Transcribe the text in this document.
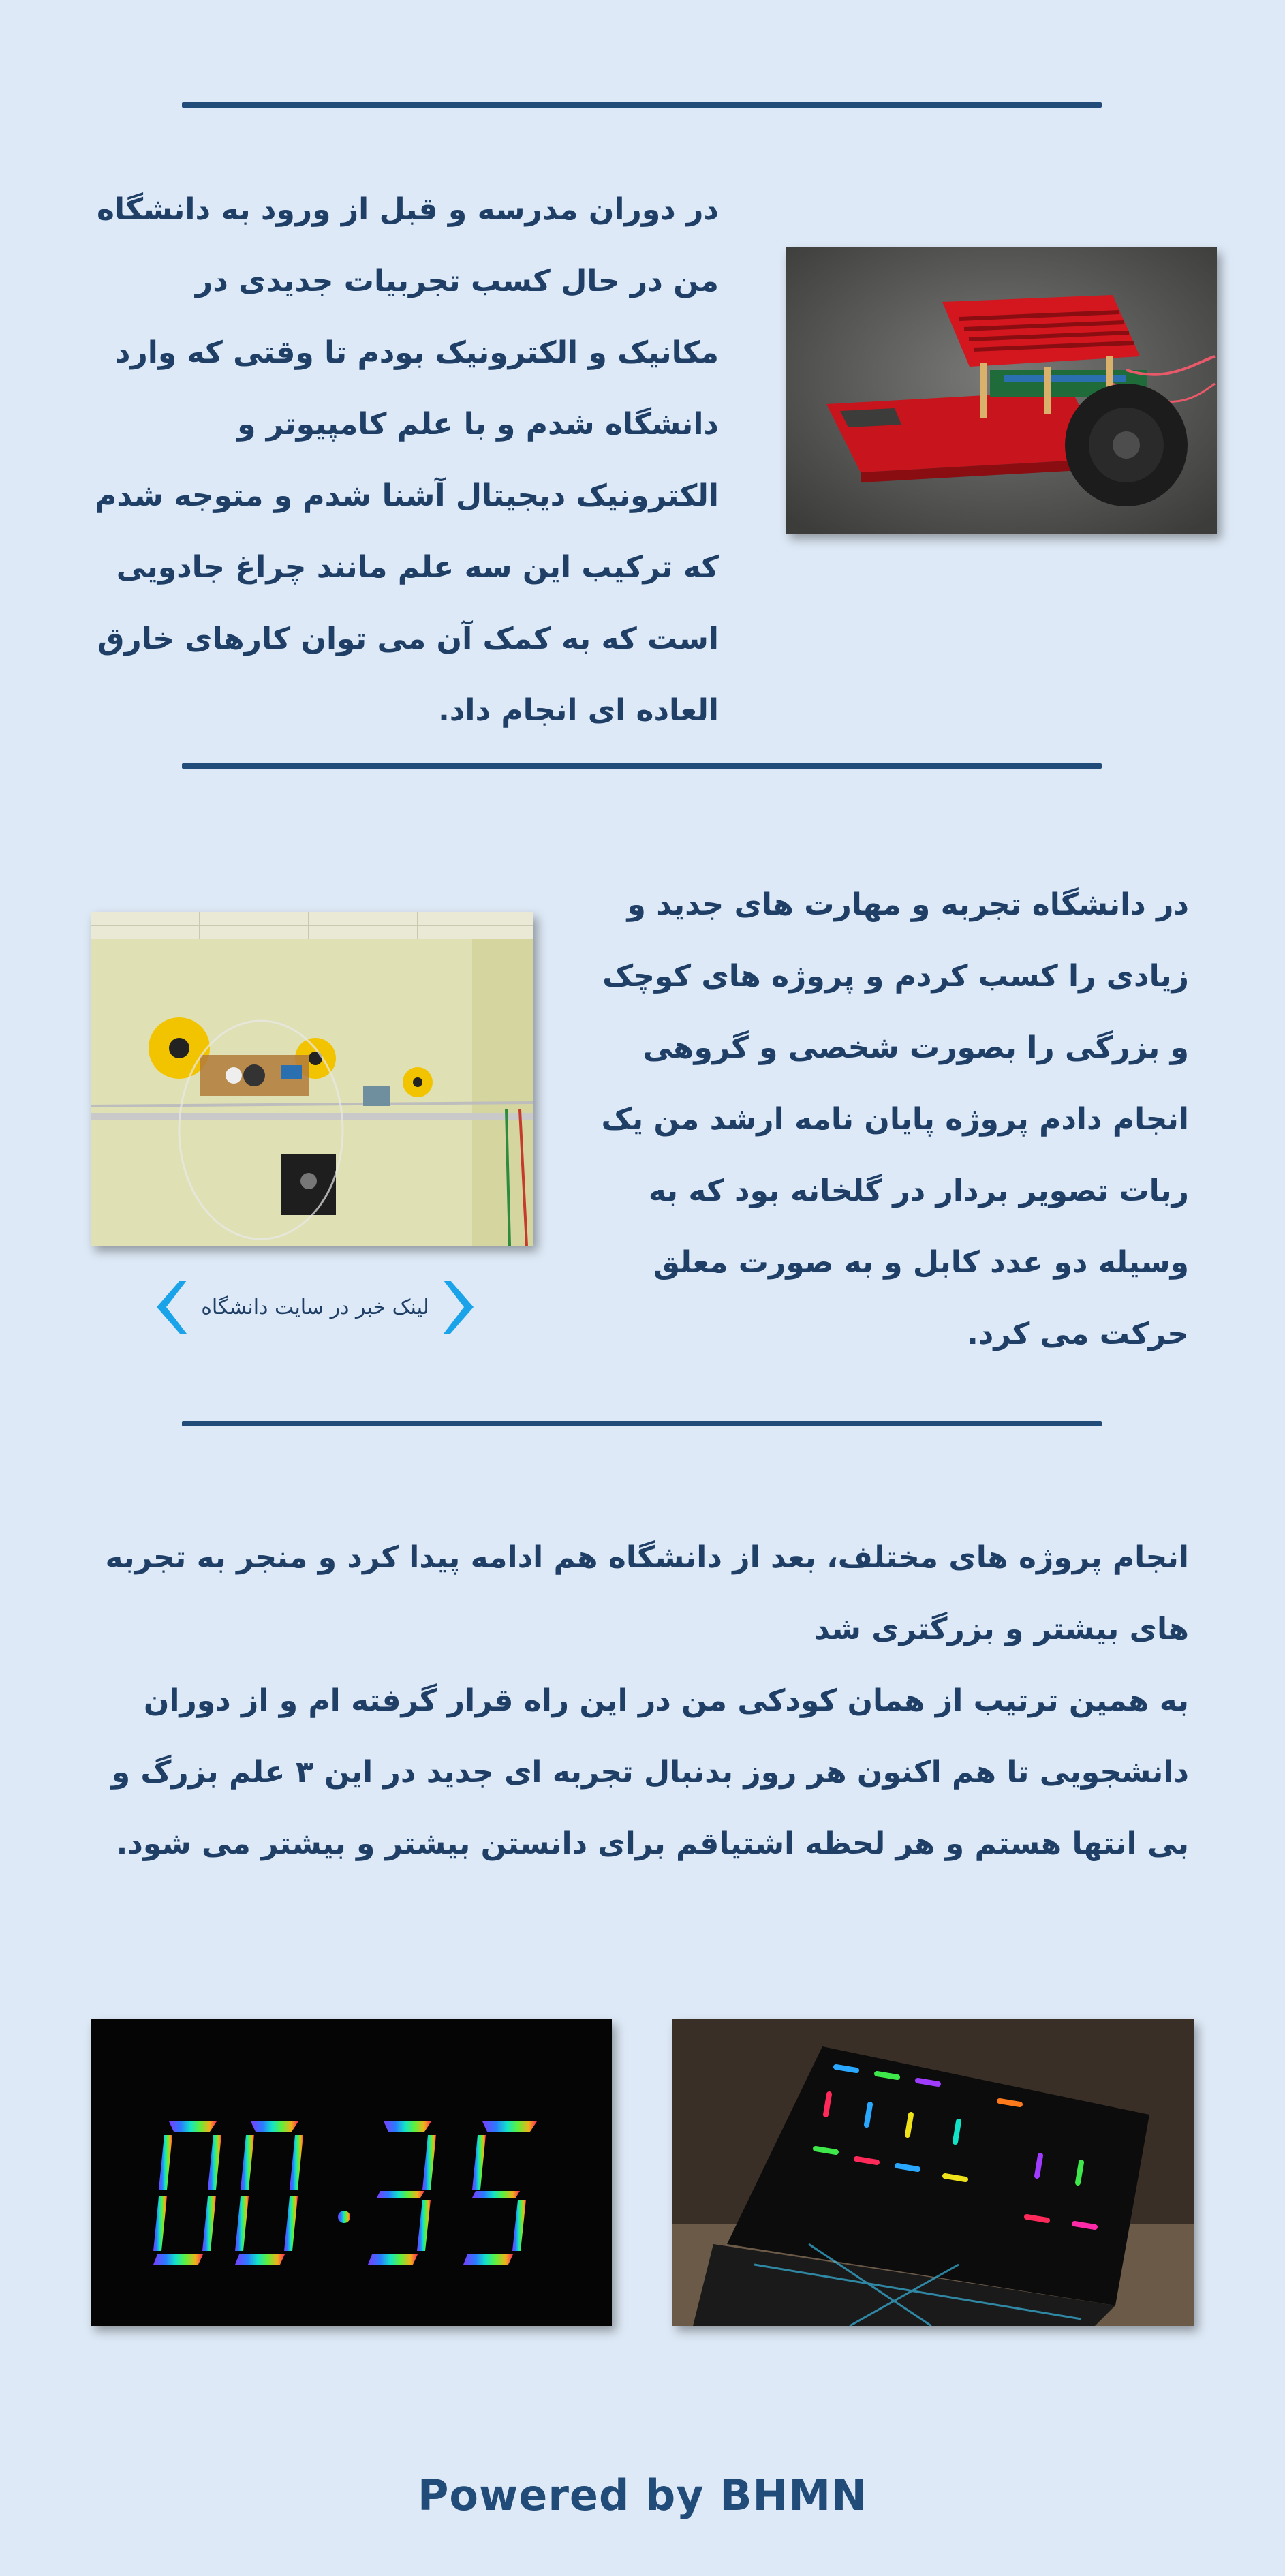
در دوران مدرسه و قبل از ورود به دانشگاه من در حال کسب تجربیات جدیدی در مکانیک و الکترونیک بودم تا وقتی که وارد دانشگاه شدم و با علم کامپیوتر و الکترونیک دیجیتال آشنا شدم و متوجه شدم که ترکیب این سه علم مانند چراغ جادویی است که به کمک آن می توان کارهای خارق العاده ای انجام داد.

در دانشگاه تجربه و مهارت های جدید و زیادی را کسب کردم و پروژه های کوچک و بزرگی را بصورت شخصی و گروهی انجام دادم پروژه پایان نامه ارشد من یک ربات تصویر بردار در گلخانه بود که به وسیله دو عدد کابل و به صورت معلق حرکت می کرد.

لینک خبر در سایت دانشگاه

انجام پروژه های مختلف، بعد از دانشگاه هم ادامه پیدا کرد و منجر به تجربه های بیشتر و بزرگتری شد

به همین ترتیب از همان کودکی من در این راه قرار گرفته ام و از دوران دانشجویی تا هم اکنون هر روز بدنبال تجربه ای جدید در این ۳ علم بزرگ و بی انتها هستم و هر لحظه اشتیاقم برای دانستن بیشتر و بیشتر می شود.

Powered by BHMN
